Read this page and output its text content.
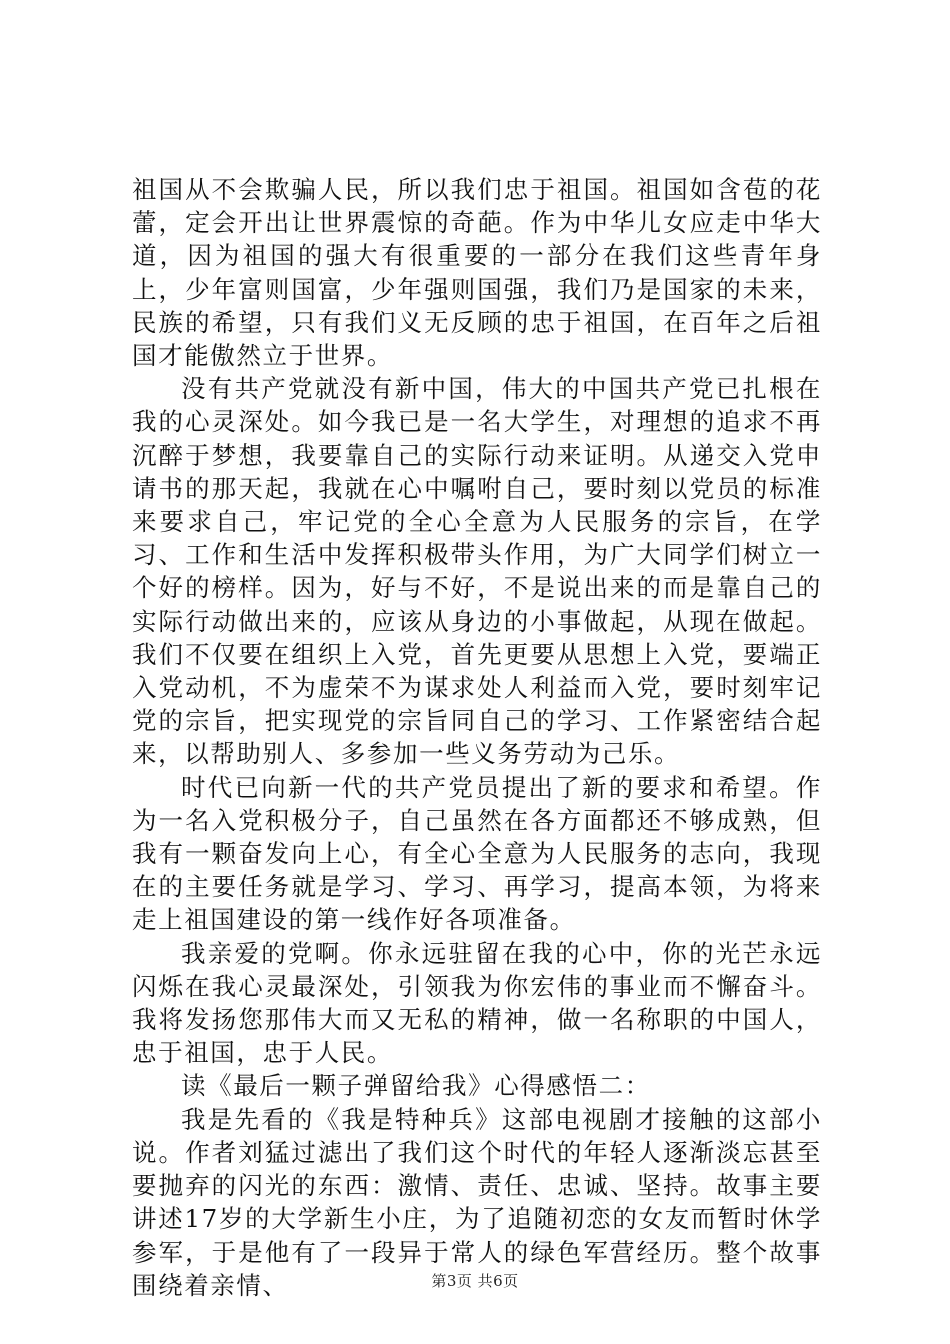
祖国从不会欺骗人民，所以我们忠于祖国。祖国如含苞的花蕾，定会开出让世界震惊的奇葩。作为中华儿女应走中华大道，因为祖国的强大有很重要的一部分在我们这些青年身上，少年富则国富，少年强则国强，我们乃是国家的未来，民族的希望，只有我们义无反顾的忠于祖国，在百年之后祖国才能傲然立于世界。

没有共产党就没有新中国，伟大的中国共产党已扎根在我的心灵深处。如今我已是一名大学生，对理想的追求不再沉醉于梦想，我要靠自己的实际行动来证明。从递交入党申请书的那天起，我就在心中嘱咐自己，要时刻以党员的标准来要求自己，牢记党的全心全意为人民服务的宗旨，在学习、工作和生活中发挥积极带头作用，为广大同学们树立一个好的榜样。因为，好与不好，不是说出来的而是靠自己的实际行动做出来的，应该从身边的小事做起，从现在做起。我们不仅要在组织上入党，首先更要从思想上入党，要端正入党动机，不为虚荣不为谋求处人利益而入党，要时刻牢记党的宗旨，把实现党的宗旨同自己的学习、工作紧密结合起来，以帮助别人、多参加一些义务劳动为己乐。

时代已向新一代的共产党员提出了新的要求和希望。作为一名入党积极分子，自己虽然在各方面都还不够成熟，但我有一颗奋发向上心，有全心全意为人民服务的志向，我现在的主要任务就是学习、学习、再学习，提高本领，为将来走上祖国建设的第一线作好各项准备。

我亲爱的党啊。你永远驻留在我的心中，你的光芒永远闪烁在我心灵最深处，引领我为你宏伟的事业而不懈奋斗。我将发扬您那伟大而又无私的精神，做一名称职的中国人，忠于祖国，忠于人民。

读《最后一颗子弹留给我》心得感悟二：

我是先看的《我是特种兵》这部电视剧才接触的这部小说。作者刘猛过滤出了我们这个时代的年轻人逐渐淡忘甚至要抛弃的闪光的东西：激情、责任、忠诚、坚持。故事主要讲述17岁的大学新生小庄，为了追随初恋的女友而暂时休学参军，于是他有了一段异于常人的绿色军营经历。整个故事围绕着亲情、	第3页 共6页
